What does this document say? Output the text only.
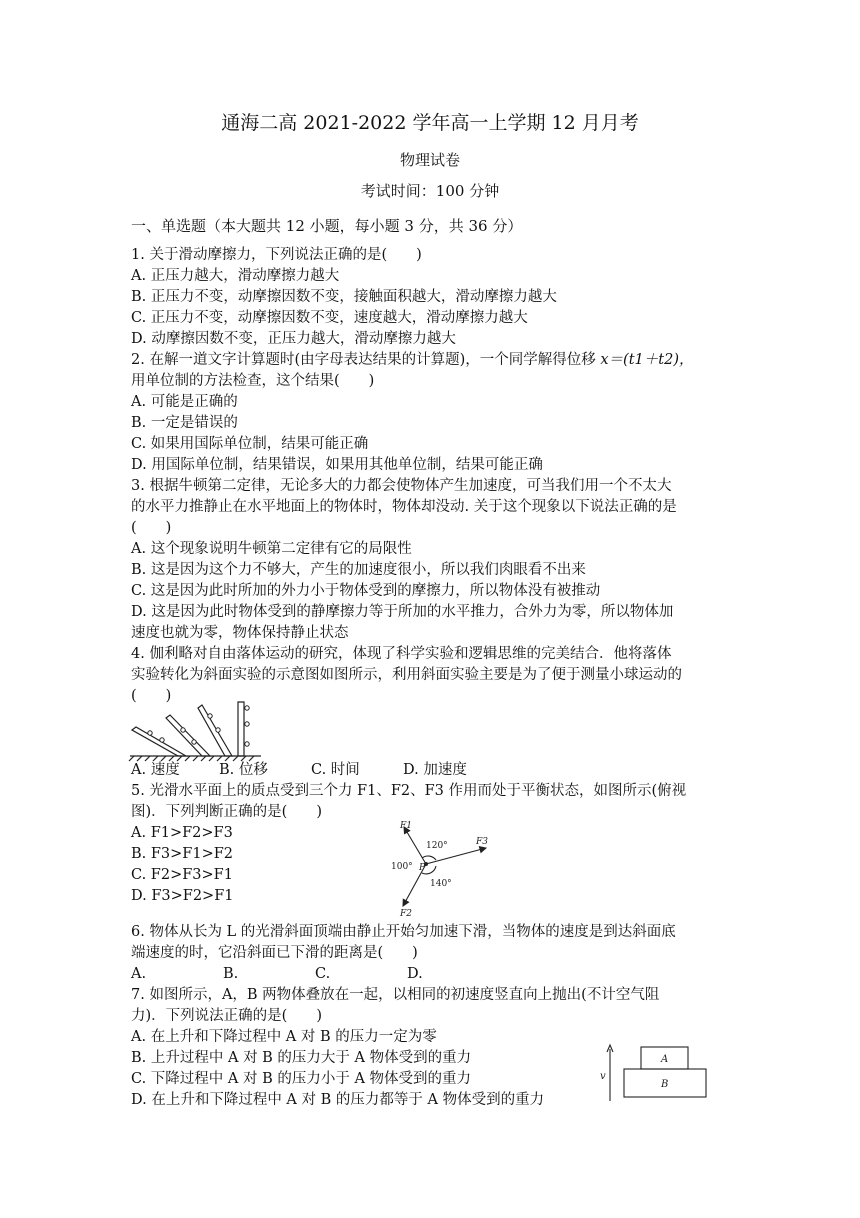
通海二高 2021-2022 学年高一上学期 12 月月考
物理试卷
考试时间：100 分钟
一、单选题（本大题共 12 小题，每小题 3 分，共 36 分）
1. 关于滑动摩擦力，下列说法正确的是(　　)
A. 正压力越大，滑动摩擦力越大
B. 正压力不变，动摩擦因数不变，接触面积越大，滑动摩擦力越大
C. 正压力不变，动摩擦因数不变，速度越大，滑动摩擦力越大
D. 动摩擦因数不变，正压力越大，滑动摩擦力越大
2. 在解一道文字计算题时(由字母表达结果的计算题)，一个同学解得位移 x＝(t1＋t2)，
用单位制的方法检查，这个结果(　　)
A. 可能是正确的
B. 一定是错误的
C. 如果用国际单位制，结果可能正确
D. 用国际单位制，结果错误，如果用其他单位制，结果可能正确
3. 根据牛顿第二定律，无论多大的力都会使物体产生加速度，可当我们用一个不太大
的水平力推静止在水平地面上的物体时，物体却没动. 关于这个现象以下说法正确的是
(　　)
A. 这个现象说明牛顿第二定律有它的局限性
B. 这是因为这个力不够大，产生的加速度很小，所以我们肉眼看不出来
C. 这是因为此时所加的外力小于物体受到的摩擦力，所以物体没有被推动
D. 这是因为此时物体受到的静摩擦力等于所加的水平推力，合外力为零，所以物体加
速度也就为零，物体保持静止状态
4. 伽利略对自由落体运动的研究，体现了科学实验和逻辑思维的完美结合．他将落体
实验转化为斜面实验的示意图如图所示，利用斜面实验主要是为了便于测量小球运动的
(　　)
A. 速度	B. 位移	C. 时间	D. 加速度
5. 光滑水平面上的质点受到三个力 F1、F2、F3 作用而处于平衡状态，如图所示(俯视
图)．下列判断正确的是(　　)
A. F1>F2>F3
B. F3>F1>F2
C. F2>F3>F1
D. F3>F2>F1
F1
F3
F2
P
120°
100°
140°
6. 物体从长为 L 的光滑斜面顶端由静止开始匀加速下滑，当物体的速度是到达斜面底
端速度的时，它沿斜面已下滑的距离是(　　)
A.	B.	C.	D.
7. 如图所示，A，B 两物体叠放在一起，以相同的初速度竖直向上抛出(不计空气阻
力)．下列说法正确的是(　　)
A. 在上升和下降过程中 A 对 B 的压力一定为零
B. 上升过程中 A 对 B 的压力大于 A 物体受到的重力
C. 下降过程中 A 对 B 的压力小于 A 物体受到的重力
D. 在上升和下降过程中 A 对 B 的压力都等于 A 物体受到的重力
v
A
B
